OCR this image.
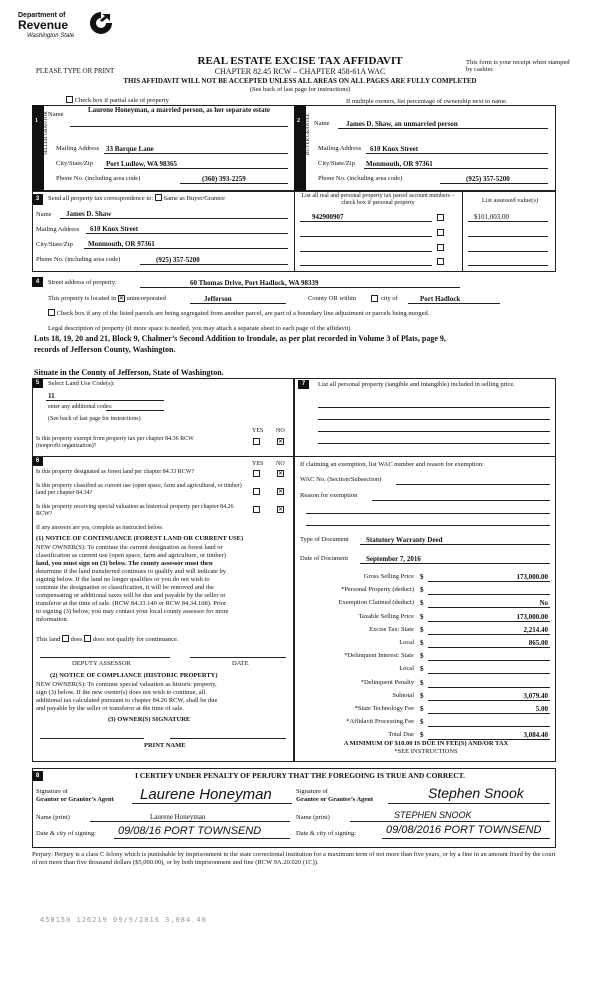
Department of
Revenue
Washington State
REAL ESTATE EXCISE TAX AFFIDAVIT
CHAPTER 82.45 RCW – CHAPTER 458-61A WAC
THIS AFFIDAVIT WILL NOT BE ACCEPTED UNLESS ALL AREAS ON ALL PAGES ARE FULLY COMPLETED
(See back of last page for instructions)
PLEASE TYPE OR PRINT
This form is your receipt when stamped by cashier.
Check box if partial sale of property	If multiple owners, list percentage of ownership next to name.
1	2
SELLER GRANTOR	BUYER GRANTEE
Name
Laurene Honeyman, a married person, as her separate estate
Mailing Address 33 Barque Lane
City/State/Zip Port Ludlow, WA 98365
Phone No. (including area code)	(360) 393-2259
Name James D. Shaw, an unmarried person
Mailing Address 610 Knox Street
City/State/Zip Monmouth, OR 97361
Phone No. (including area code)	(925) 357-5200
3	Send all property tax correspondence to: Same as Buyer/Grantee
Name James D. Shaw
Mailing Address 610 Knox Street
City/State/Zip Monmouth, OR 97361
Phone No. (including area code)	(925) 357-5200
List all real and personal property tax parcel account numbers – check box if personal property	List assessed value(s)
942900907	$101,003.00
4	Street address of property:	60 Thomas Drive, Port Hadlock, WA 98339
This property is located in ✕ unincorporated	Jefferson	County OR within	city of	Port Hadlock
Check box if any of the listed parcels are being segregated from another parcel, are part of a boundary line adjustment or parcels being merged.
Legal description of property (if more space is needed, you may attach a separate sheet to each page of the affidavit)
Lots 18, 19, 20 and 21, Block 9, Chalmer’s Second Addition to Irondale, as per plat recorded in Volume 3 of Plats, page 9,
records of Jefferson County, Washington.
Situate in the County of Jefferson, State of Washington.
5	Select Land Use Code(s):
11
enter any additional codes:
(See back of last page for instructions)
YES NO
Is this property exempt from property tax per chapter 84.36 RCW (nonprofit organization)?
✕
6	YES NO
Is this property designated as forest land per chapter 84.33 RCW?	✕
Is this property classified as current use (open space, farm and agricultural, or timber) land per chapter 84.34?	✕
Is this property receiving special valuation as historical property per chapter 84.26 RCW?
✕
If any answers are yes, complete as instructed below.
(1) NOTICE OF CONTINUANCE (FOREST LAND OR CURRENT USE)
NEW OWNER(S): To continue the current designation as forest land or
classification as current use (open space, farm and agriculture, or timber)
land, you must sign on (3) below. The county assessor must then
determine if the land transferred continues to qualify and will indicate by
signing below. If the land no longer qualifies or you do not wish to
continue the designation or classification, it will be removed and the
compensating or additional taxes will be due and payable by the seller or
transferor at the time of sale. (RCW 84.33.140 or RCW 84.34.108). Prior
to signing (3) below, you may contact your local county assessor for more
information.
This land does does not qualify for continuance.
DEPUTY ASSESSOR	DATE
(2) NOTICE OF COMPLIANCE (HISTORIC PROPERTY)
NEW OWNER(S): To continue special valuation as historic property,
sign (3) below. If the new owner(s) does not wish to continue, all
additional tax calculated pursuant to chapter 84.26 RCW, shall be due
and payable by the seller or transferor at the time of sale.
(3) OWNER(S) SIGNATURE
PRINT NAME
7	List all personal property (tangible and intangible) included in selling price.
If claiming an exemption, list WAC number and reason for exemption:
WAC No. (Section/Subsection)
Reason for exemption
Type of Document Statutory Warranty Deed
Date of Document	September 7, 2016
Gross Selling Price $	173,000.00
*Personal Property (deduct) $
Exemption Claimed (deduct) $	No
Taxable Selling Price $	173,000.00
Excise Tax: State $	2,214.40
Local $	865.00
*Delinquent Interest: State $
Local $
*Delinquent Penalty $
Subtotal $	3,079.40
*State Technology Fee $	5.00
*Affidavit Processing Fee $
Total Due $	3,084.40
A MINIMUM OF $10.00 IS DUE IN FEE(S) AND/OR TAX
*SEE INSTRUCTIONS
8	I CERTIFY UNDER PENALTY OF PERJURY THAT THE FOREGOING IS TRUE AND CORRECT.
Signature of
Grantor or Grantor’s Agent Laurene Honeyman	Signature of
Grantee or Grantee’s Agent	Stephen Snook
Name (print)	Laurene Honeyman	Name (print)	STEPHEN SNOOK
Date & city of signing: 09/08/16 PORT TOWNSEND	Date & city of signing:	09/08/2016 PORT TOWNSEND
Perjury: Perjury is a class C felony which is punishable by imprisonment in the state correctional institution for a maximum term of not more than five years, or by a fine in an amount fixed by the court of not more than five thousand dollars ($5,000.00), or by both imprisonment and fine (RCW 9A.20.020 (1C)).
458150 126219 09/9/2016 3,084.40
